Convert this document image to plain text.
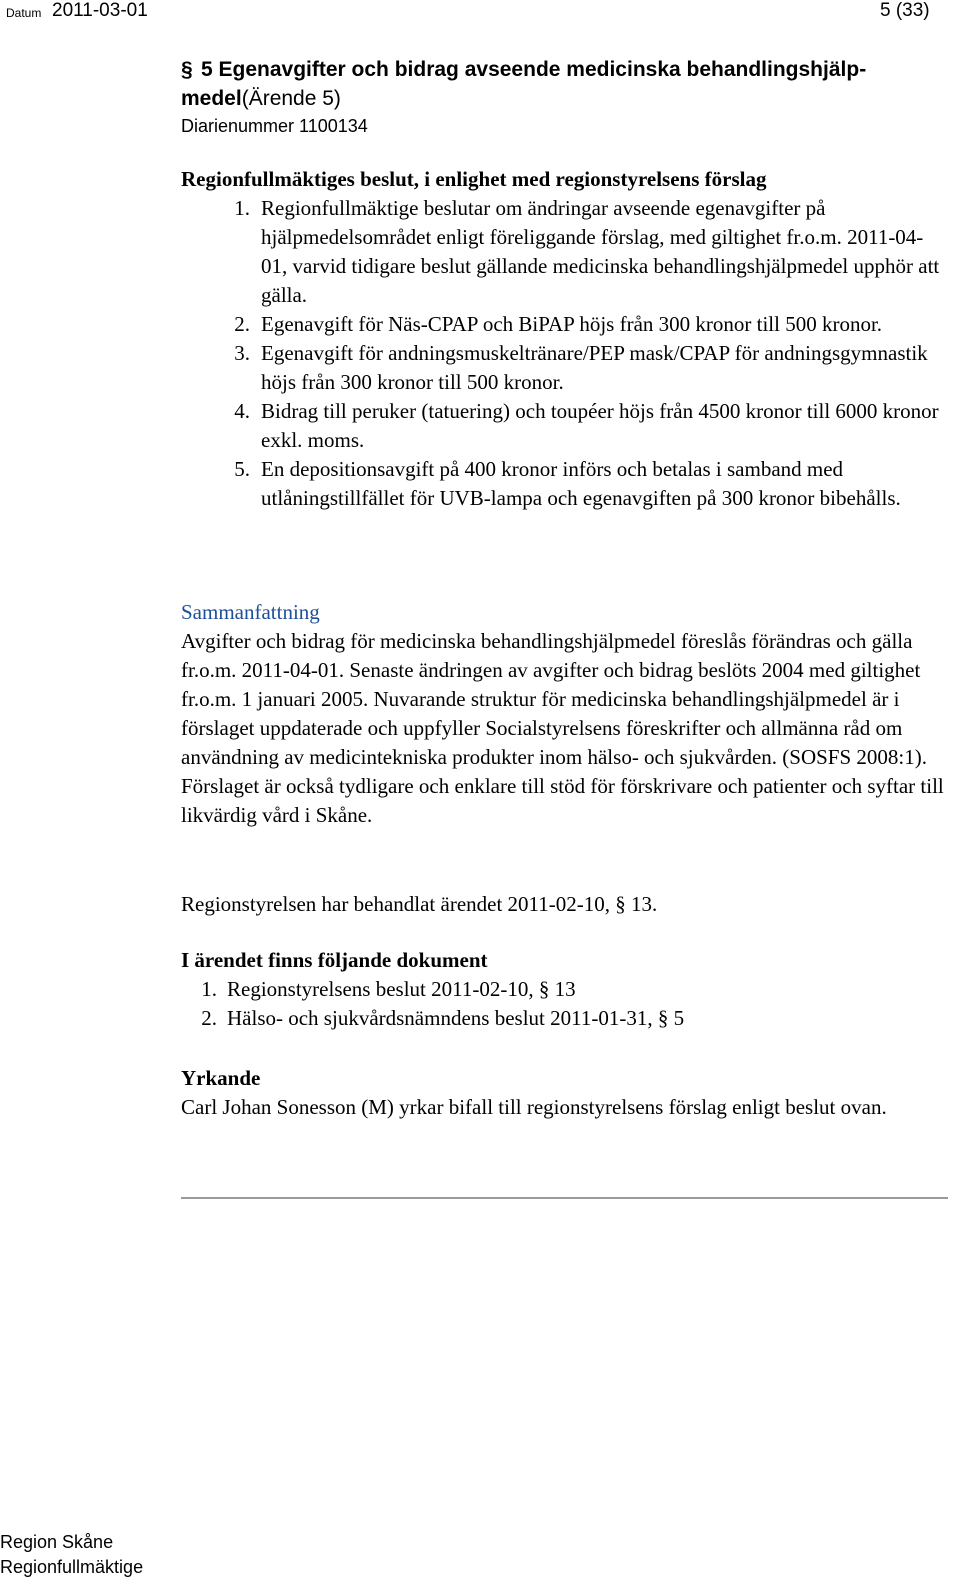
Datum 2011-03-01	5 (33)
§ 5 Egenavgifter och bidrag avseende medicinska behandlingshjälp-
medel (Ärende 5)
Diarienummer 1100134
Regionfullmäktiges beslut, i enlighet med regionstyrelsens förslag
1. Regionfullmäktige beslutar om ändringar avseende egenavgifter på hjälpmedelsområdet enligt föreliggande förslag, med giltighet fr.o.m. 2011-04-01, varvid tidigare beslut gällande medicinska behandlingshjälpmedel upphör att gälla.
2. Egenavgift för Näs-CPAP och BiPAP höjs från 300 kronor till 500 kronor.
3. Egenavgift för andningsmuskeltränare/PEP mask/CPAP för andningsgymnastik höjs från 300 kronor till 500 kronor.
4. Bidrag till peruker (tatuering) och toupéer höjs från 4500 kronor till 6000 kronor exkl. moms.
5. En depositionsavgift på 400 kronor införs och betalas i samband med utlåningstillfället för UVB-lampa och egenavgiften på 300 kronor bibehålls.
Sammanfattning
Avgifter och bidrag för medicinska behandlingshjälpmedel föreslås förändras och gälla fr.o.m. 2011-04-01. Senaste ändringen av avgifter och bidrag beslöts 2004 med giltighet fr.o.m. 1 januari 2005. Nuvarande struktur för medicinska behandlingshjälpmedel är i förslaget uppdaterade och uppfyller Socialstyrelsens föreskrifter och allmänna råd om användning av medicintekniska produkter inom hälso- och sjukvården. (SOSFS 2008:1). Förslaget är också tydligare och enklare till stöd för förskrivare och patienter och syftar till likvärdig vård i Skåne.
Regionstyrelsen har behandlat ärendet 2011-02-10, § 13.
I ärendet finns följande dokument
1. Regionstyrelsens beslut 2011-02-10, § 13
2. Hälso- och sjukvårdsnämndens beslut 2011-01-31, § 5
Yrkande
Carl Johan Sonesson (M) yrkar bifall till regionstyrelsens förslag enligt beslut ovan.
Region Skåne
Regionfullmäktige
